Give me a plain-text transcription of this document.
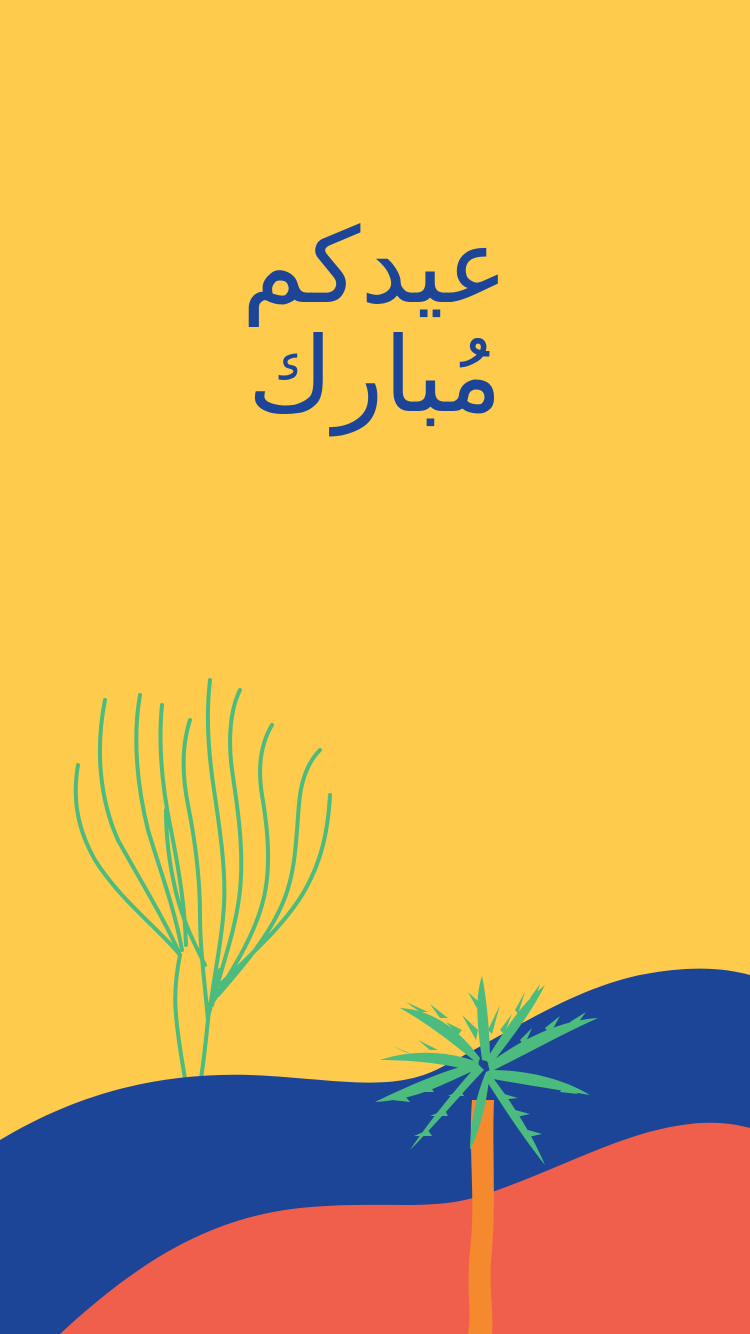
عيدكم
مُبارك
